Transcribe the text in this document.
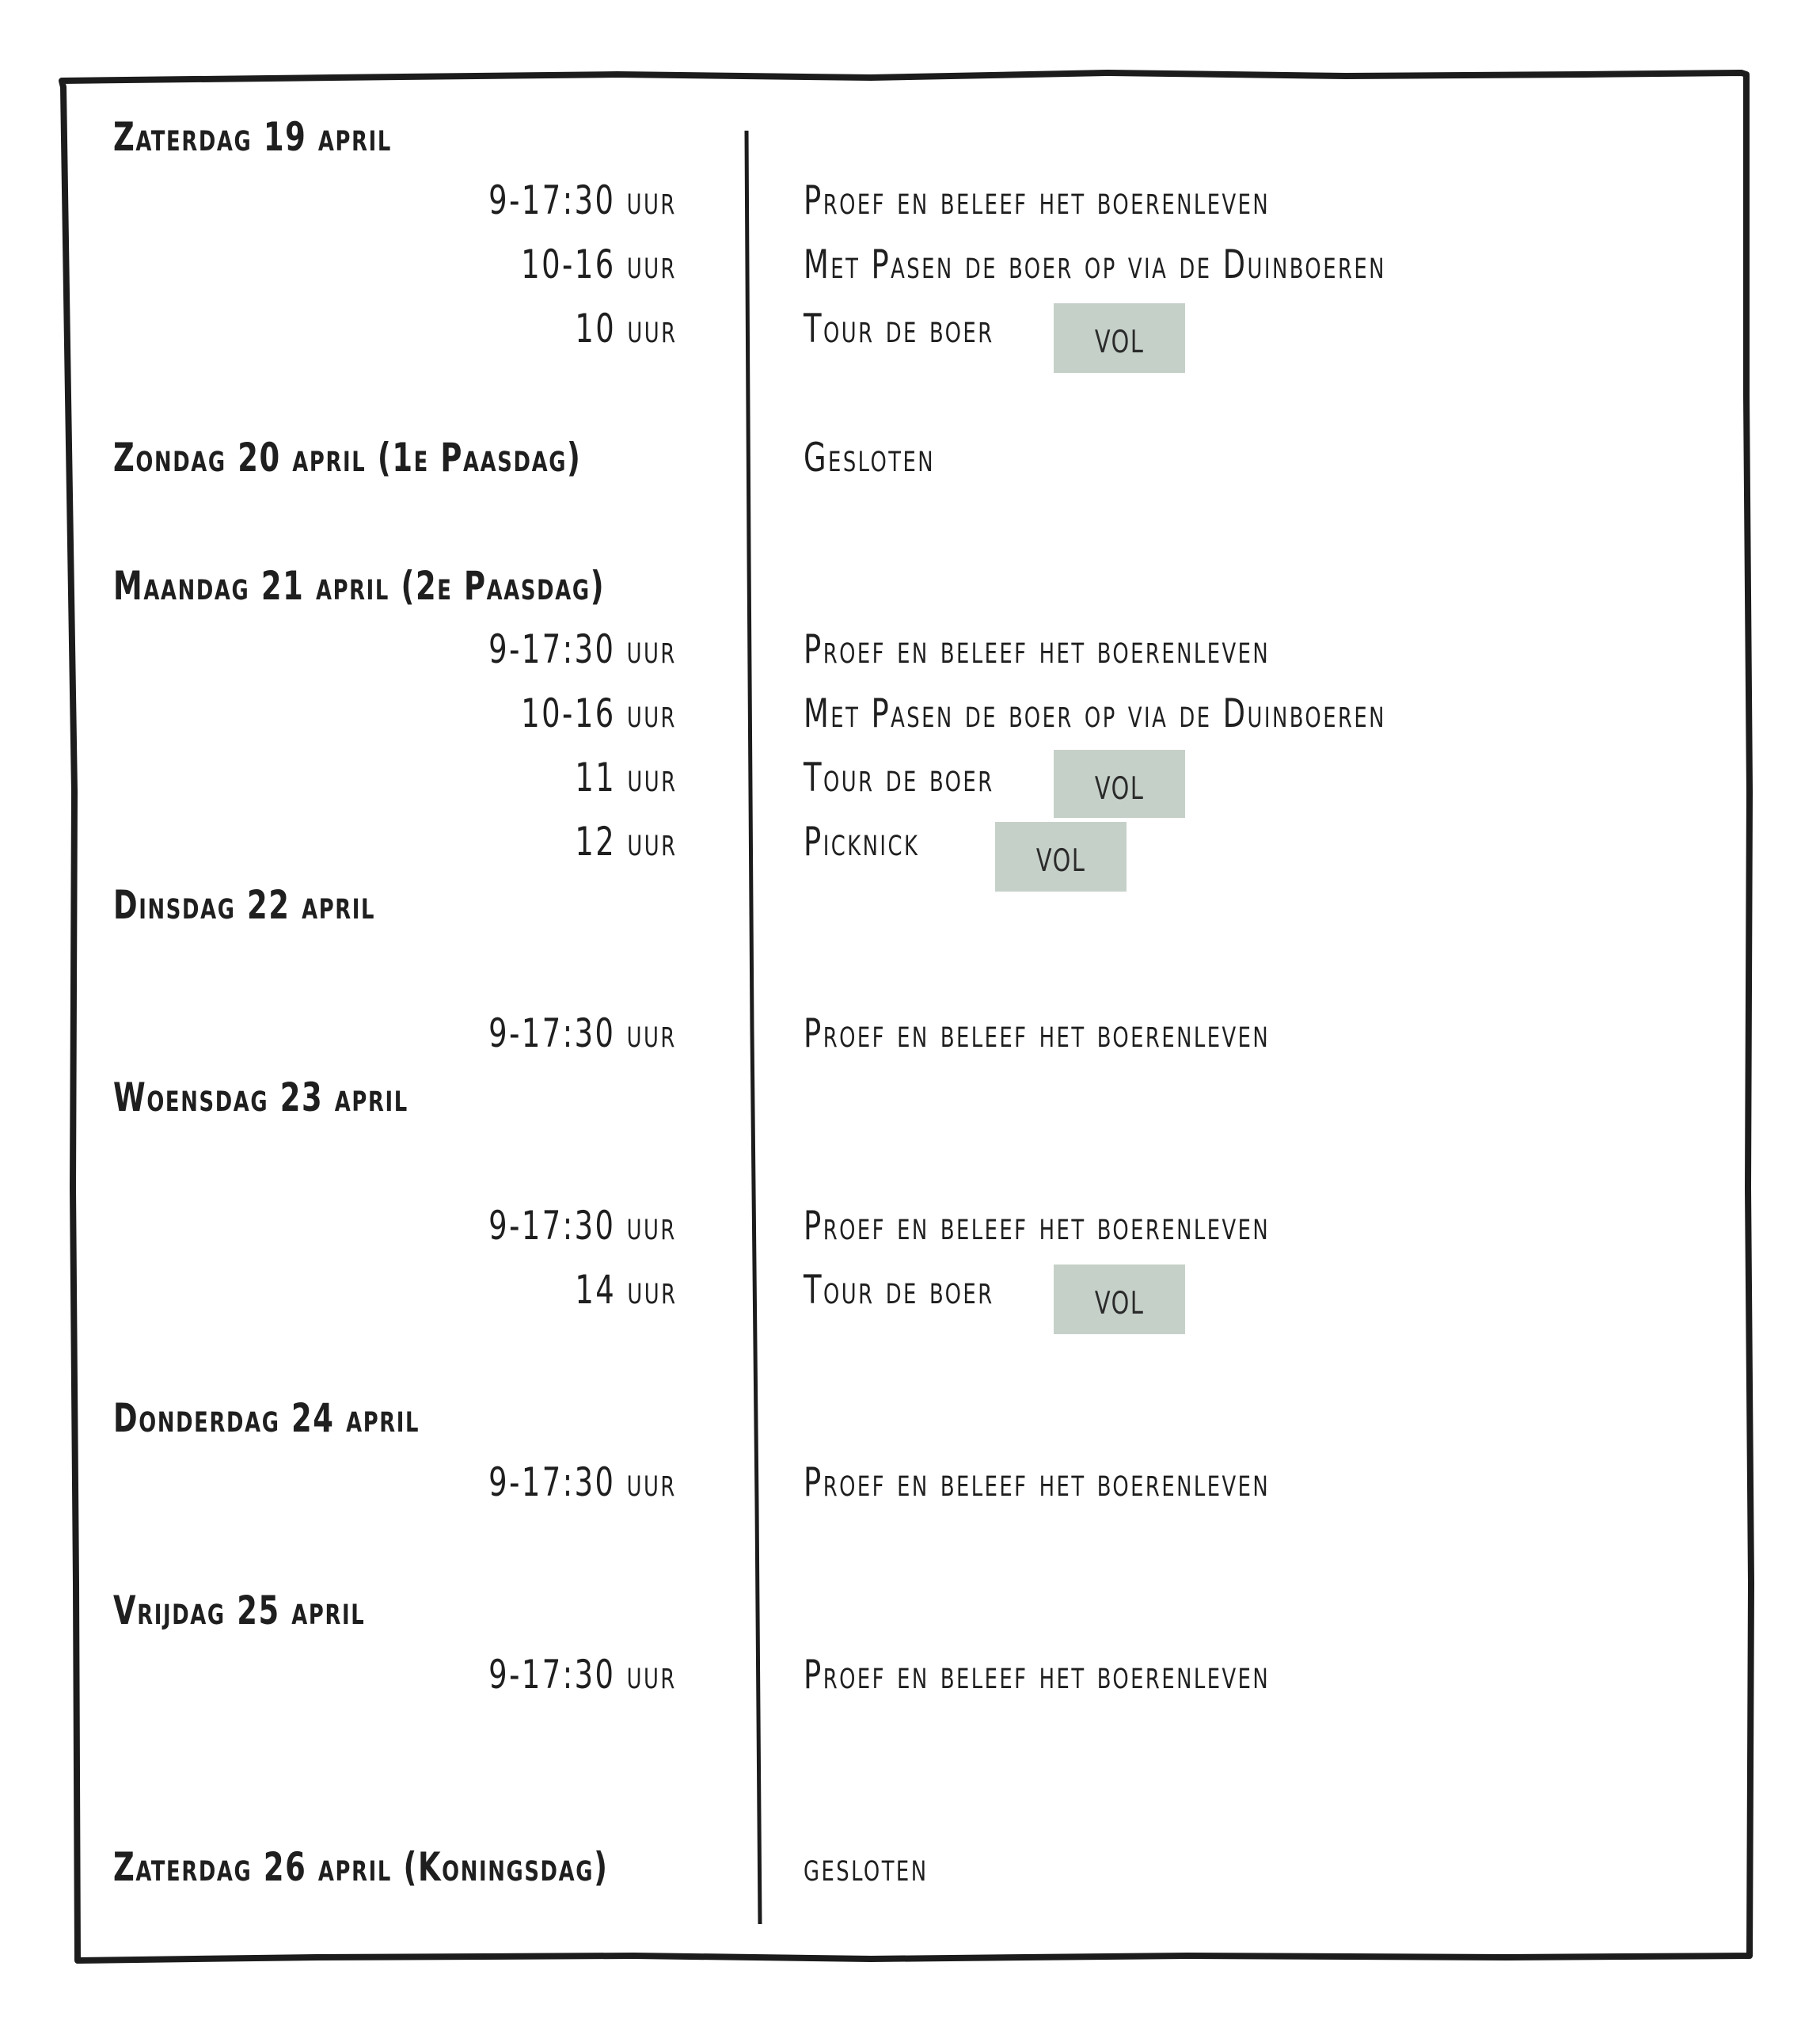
Zaterdag 19 april
9-17:30 uur	Proef en beleef het boerenleven
10-16 uur	Met Pasen de boer op via de Duinboeren
10 uur	Tour de boer	vol
Zondag 20 april (1e Paasdag)	Gesloten
Maandag 21 april (2e Paasdag)
9-17:30 uur	Proef en beleef het boerenleven
10-16 uur	Met Pasen de boer op via de Duinboeren
11 uur	Tour de boer	vol
12 uur	Picknick	vol
Dinsdag 22 april
9-17:30 uur	Proef en beleef het boerenleven
Woensdag 23 april
9-17:30 uur	Proef en beleef het boerenleven
14 uur	Tour de boer	vol
Donderdag 24 april
9-17:30 uur	Proef en beleef het boerenleven
Vrijdag 25 april
9-17:30 uur	Proef en beleef het boerenleven
Zaterdag 26 april (Koningsdag)	gesloten
